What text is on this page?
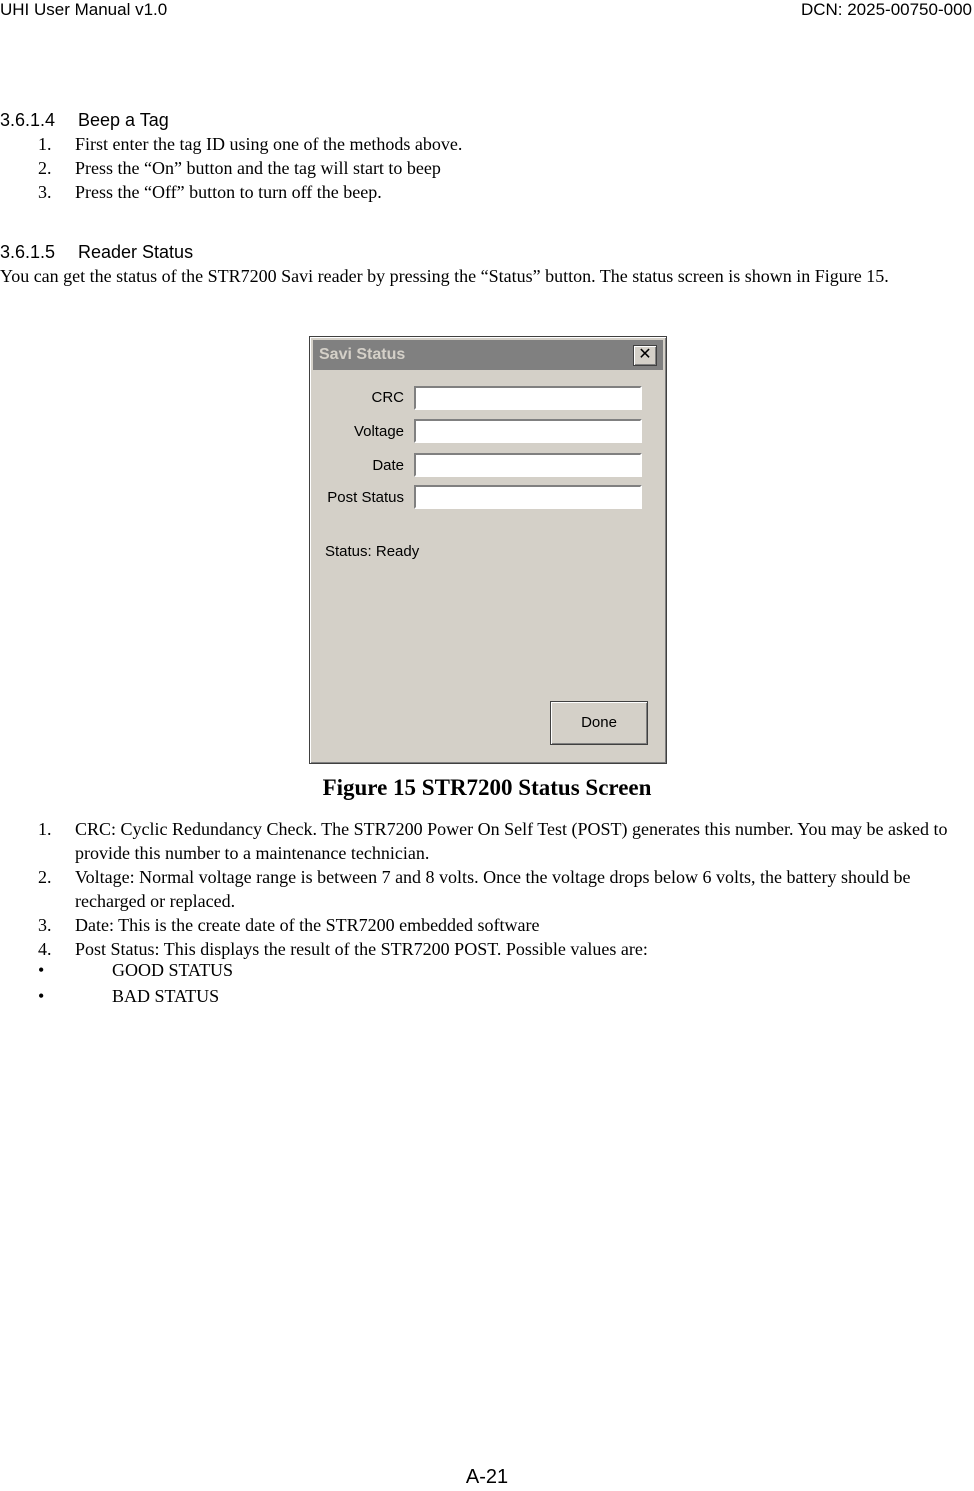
UHI User Manual v1.0	DCN: 2025-00750-000
3.6.1.4 Beep a Tag
1. First enter the tag ID using one of the methods above.
2. Press the “On” button and the tag will start to beep
3. Press the “Off” button to turn off the beep.
3.6.1.5 Reader Status
You can get the status of the STR7200 Savi reader by pressing the “Status” button. The status screen is shown in Figure 15.
Savi Status	✕
CRC
Voltage
Date
Post Status
Status: Ready
Done
Figure 15 STR7200 Status Screen
1. CRC: Cyclic Redundancy Check. The STR7200 Power On Self Test (POST) generates this number. You may be asked to provide this number to a maintenance technician.
2. Voltage: Normal voltage range is between 7 and 8 volts. Once the voltage drops below 6 volts, the battery should be recharged or replaced.
3. Date: This is the create date of the STR7200 embedded software
4. Post Status: This displays the result of the STR7200 POST. Possible values are:
•	GOOD STATUS
•	BAD STATUS
A-21
